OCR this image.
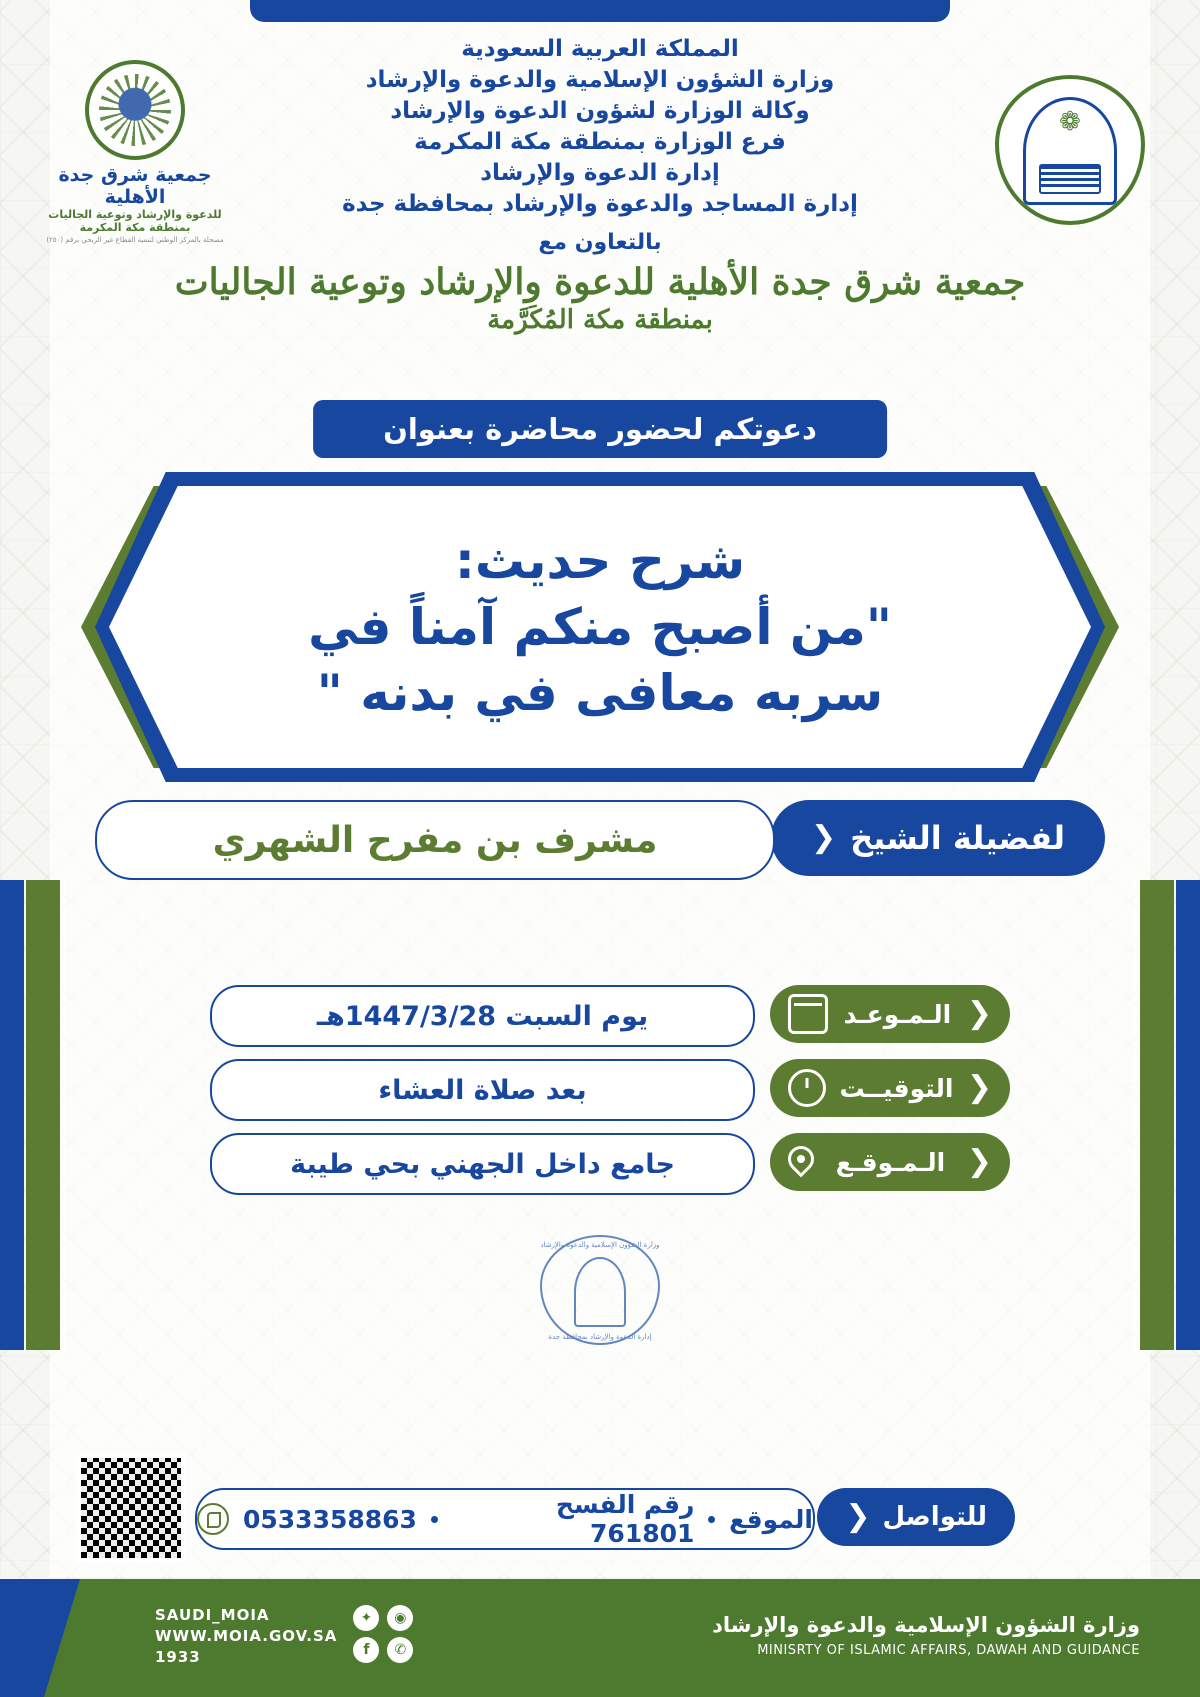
جمعية شرق جدة الأهلية
للدعوة والإرشاد وتوعية الجاليات بمنطقة مكة المكرمة
مسجلة بالمركز الوطني لتنمية القطاع غير الربحي برقم (٢٥٠)
❁
المملكة العربية السعودية
وزارة الشؤون الإسلامية والدعوة والإرشاد
وكالة الوزارة لشؤون الدعوة والإرشاد
فرع الوزارة بمنطقة مكة المكرمة
إدارة الدعوة والإرشاد
إدارة المساجد والدعوة والإرشاد بمحافظة جدة
بالتعاون مع
جمعية شرق جدة الأهلية للدعوة والإرشاد وتوعية الجاليات
بمنطقة مكة المُكَرَّمة
دعوتكم لحضور محاضرة بعنوان
شرح حديث:
"من أصبح منكم آمناً في
سربه معافى في بدنه "
لفضيلة الشيخ
❮
مشرف بن مفرح الشهري
❮
الـمـوعـد
يوم السبت 1447/3/28هـ
❮
التوقيــت
بعد صلاة العشاء
❮
الـمـوقـع
جامع داخل الجهني بحي طيبة
وزارة الشؤون الإسلامية والدعوة والإرشاد
إدارة الدعوة والإرشاد بمحافظة جدة
للتواصل
❮
الموقع
رقم الفسح 761801
0533358863
وزارة الشؤون الإسلامية والدعوة والإرشاد
MINISRTY OF ISLAMIC AFFAIRS, DAWAH AND GUIDANCE
◉
✦
✆
f
SAUDI_MOIA
WWW.MOIA.GOV.SA
1933
